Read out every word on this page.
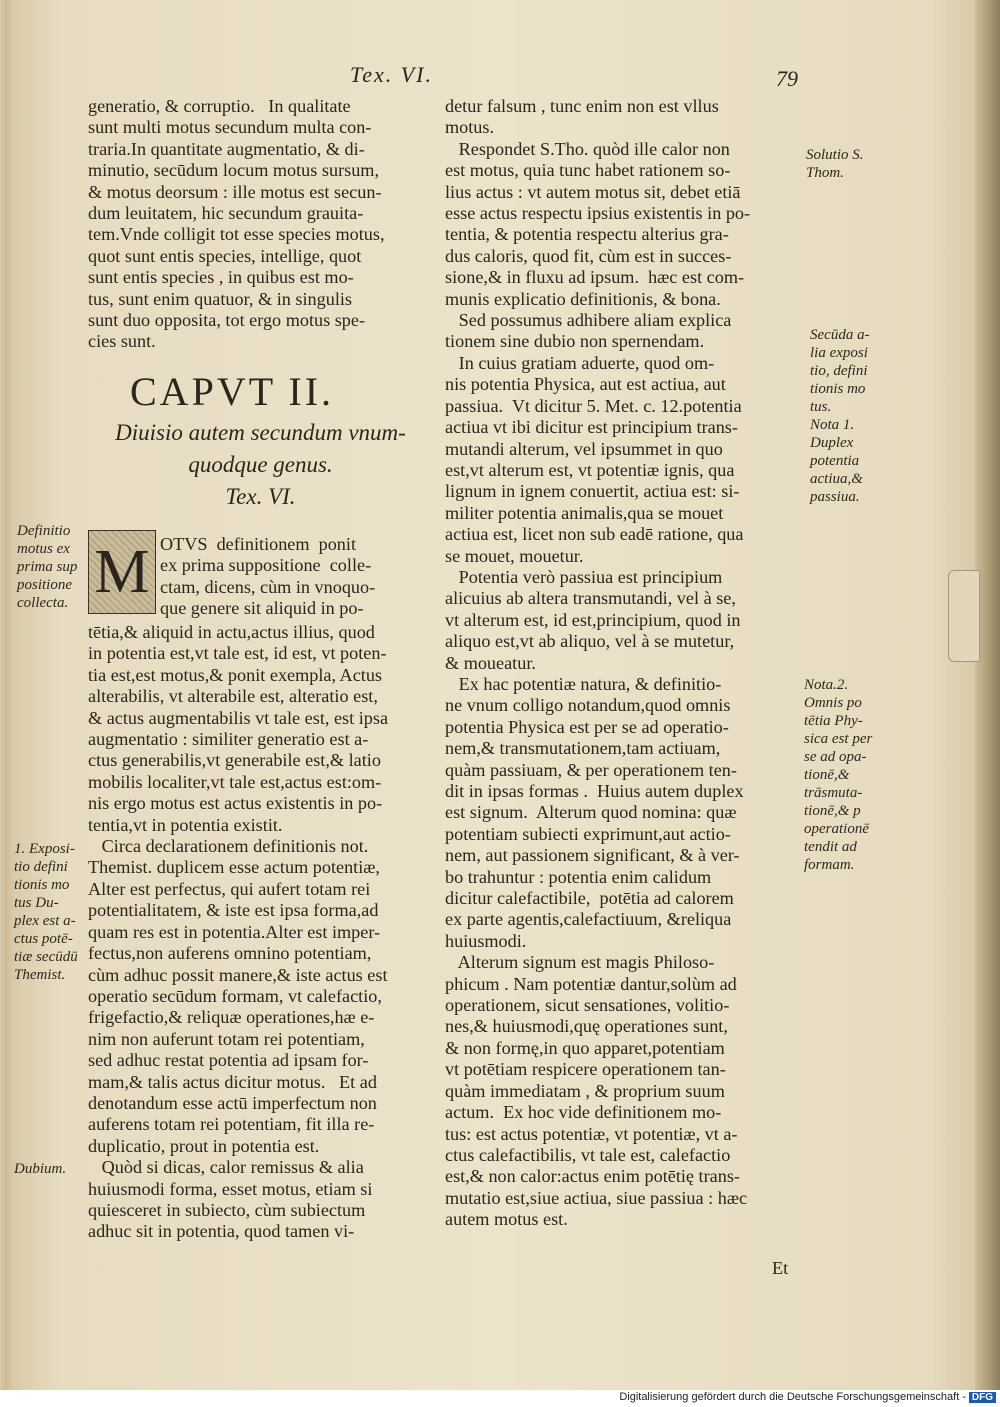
Tex. VI.	79

generatio, & corruptio.   In qualitate

sunt multi motus secundum multa con-

traria.In quantitate augmentatio, & di-

minutio, secūdum locum motus sursum,

& motus deorsum : ille motus est secun-

dum leuitatem, hic secundum grauita-

tem.Vnde colligit tot esse species motus,

quot sunt entis species, intellige, quot

sunt entis species , in quibus est mo-

tus, sunt enim quatuor, & in singulis

sunt duo opposita, tot ergo motus spe-

cies sunt.

CAPVT II.
Diuisio autem secundum vnum-
quodque genus.
Tex. VI.
M OTVS  definitionem  ponit

ex prima suppositione  colle-

ctam, dicens, cùm in vnoquo-

que genere sit aliquid in po-

tētia,& aliquid in actu,actus illius, quod

in potentia est,vt tale est, id est, vt poten-

tia est,est motus,& ponit exempla, Actus

alterabilis, vt alterabile est, alteratio est,

& actus augmentabilis vt tale est, est ipsa

augmentatio : similiter generatio est a-

ctus generabilis,vt generabile est,& latio

mobilis localiter,vt tale est,actus est:om-

nis ergo motus est actus existentis in po-

tentia,vt in potentia existit.

Circa declarationem definitionis not.

Themist. duplicem esse actum potentiæ,

Alter est perfectus, qui aufert totam rei

potentialitatem, & iste est ipsa forma,ad

quam res est in potentia.Alter est imper-

fectus,non auferens omnino potentiam,

cùm adhuc possit manere,& iste actus est

operatio secūdum formam, vt calefactio,

frigefactio,& reliquæ operationes,hæ e-

nim non auferunt totam rei potentiam,

sed adhuc restat potentia ad ipsam for-

mam,& talis actus dicitur motus.   Et ad

denotandum esse actū imperfectum non

auferens totam rei potentiam, fit illa re-

duplicatio, prout in potentia est.

Quòd si dicas, calor remissus & alia

huiusmodi forma, esset motus, etiam si

quiesceret in subiecto, cùm subiectum

adhuc sit in potentia, quod tamen vi-

detur falsum , tunc enim non est vllus

motus.

Respondet S.Tho. quòd ille calor non

est motus, quia tunc habet rationem so-

lius actus : vt autem motus sit, debet etiā

esse actus respectu ipsius existentis in po-

tentia, & potentia respectu alterius gra-

dus caloris, quod fit, cùm est in succes-

sione,& in fluxu ad ipsum.  hæc est com-

munis explicatio definitionis, & bona.

Sed possumus adhibere aliam explica

tionem sine dubio non spernendam.

In cuius gratiam aduerte, quod om-

nis potentia Physica, aut est actiua, aut

passiua.  Vt dicitur 5. Met. c. 12.potentia

actiua vt ibi dicitur est principium trans-

mutandi alterum, vel ipsummet in quo

est,vt alterum est, vt potentiæ ignis, qua

lignum in ignem conuertit, actiua est: si-

militer potentia animalis,qua se mouet

actiua est, licet non sub eadē ratione, qua

se mouet, mouetur.

Potentia verò passiua est principium

alicuius ab altera transmutandi, vel à se,

vt alterum est, id est,principium, quod in

aliquo est,vt ab aliquo, vel à se mutetur,

& moueatur.

Ex hac potentiæ natura, & definitio-

ne vnum colligo notandum,quod omnis

potentia Physica est per se ad operatio-

nem,& transmutationem,tam actiuam,

quàm passiuam, & per operationem ten-

dit in ipsas formas .  Huius autem duplex

est signum.  Alterum quod nomina: quæ

potentiam subiecti exprimunt,aut actio-

nem, aut passionem significant, & à ver-

bo trahuntur : potentia enim calidum

dicitur calefactibile,  potētia ad calorem

ex parte agentis,calefactiuum, &reliqua

huiusmodi.

Alterum signum est magis Philoso-

phicum . Nam potentiæ dantur,solùm ad

operationem, sicut sensationes, volitio-

nes,& huiusmodi,quę operationes sunt,

& non formę,in quo apparet,potentiam

vt potētiam respicere operationem tan-

quàm immediatam , & proprium suum

actum.  Ex hoc vide definitionem mo-

tus: est actus potentiæ, vt potentiæ, vt a-

ctus calefactibilis, vt tale est, calefactio

est,& non calor:actus enim potētię trans-

mutatio est,siue actiua, siue passiua : hæc

autem motus est.

Et
Definitio
motus ex
prima sup
positione
collecta.
1. Exposi-
tio defini
tionis mo
tus Du-
plex est a-
ctus potē-
tiæ secūdū
Themist.
Dubium.
Solutio S.
Thom.
Secūda a-
lia exposi
tio, defini
tionis mo
tus.
Nota 1.
Duplex
potentia
actiua,&
passiua.
Nota.2.
Omnis po
tētia Phy-
sica est per
se ad opa-
tionē,&
trāsmuta-
tionē,& p
operationē
tendit ad
formam.
Digitalisierung gefördert durch die Deutsche Forschungsgemeinschaft - DFG
